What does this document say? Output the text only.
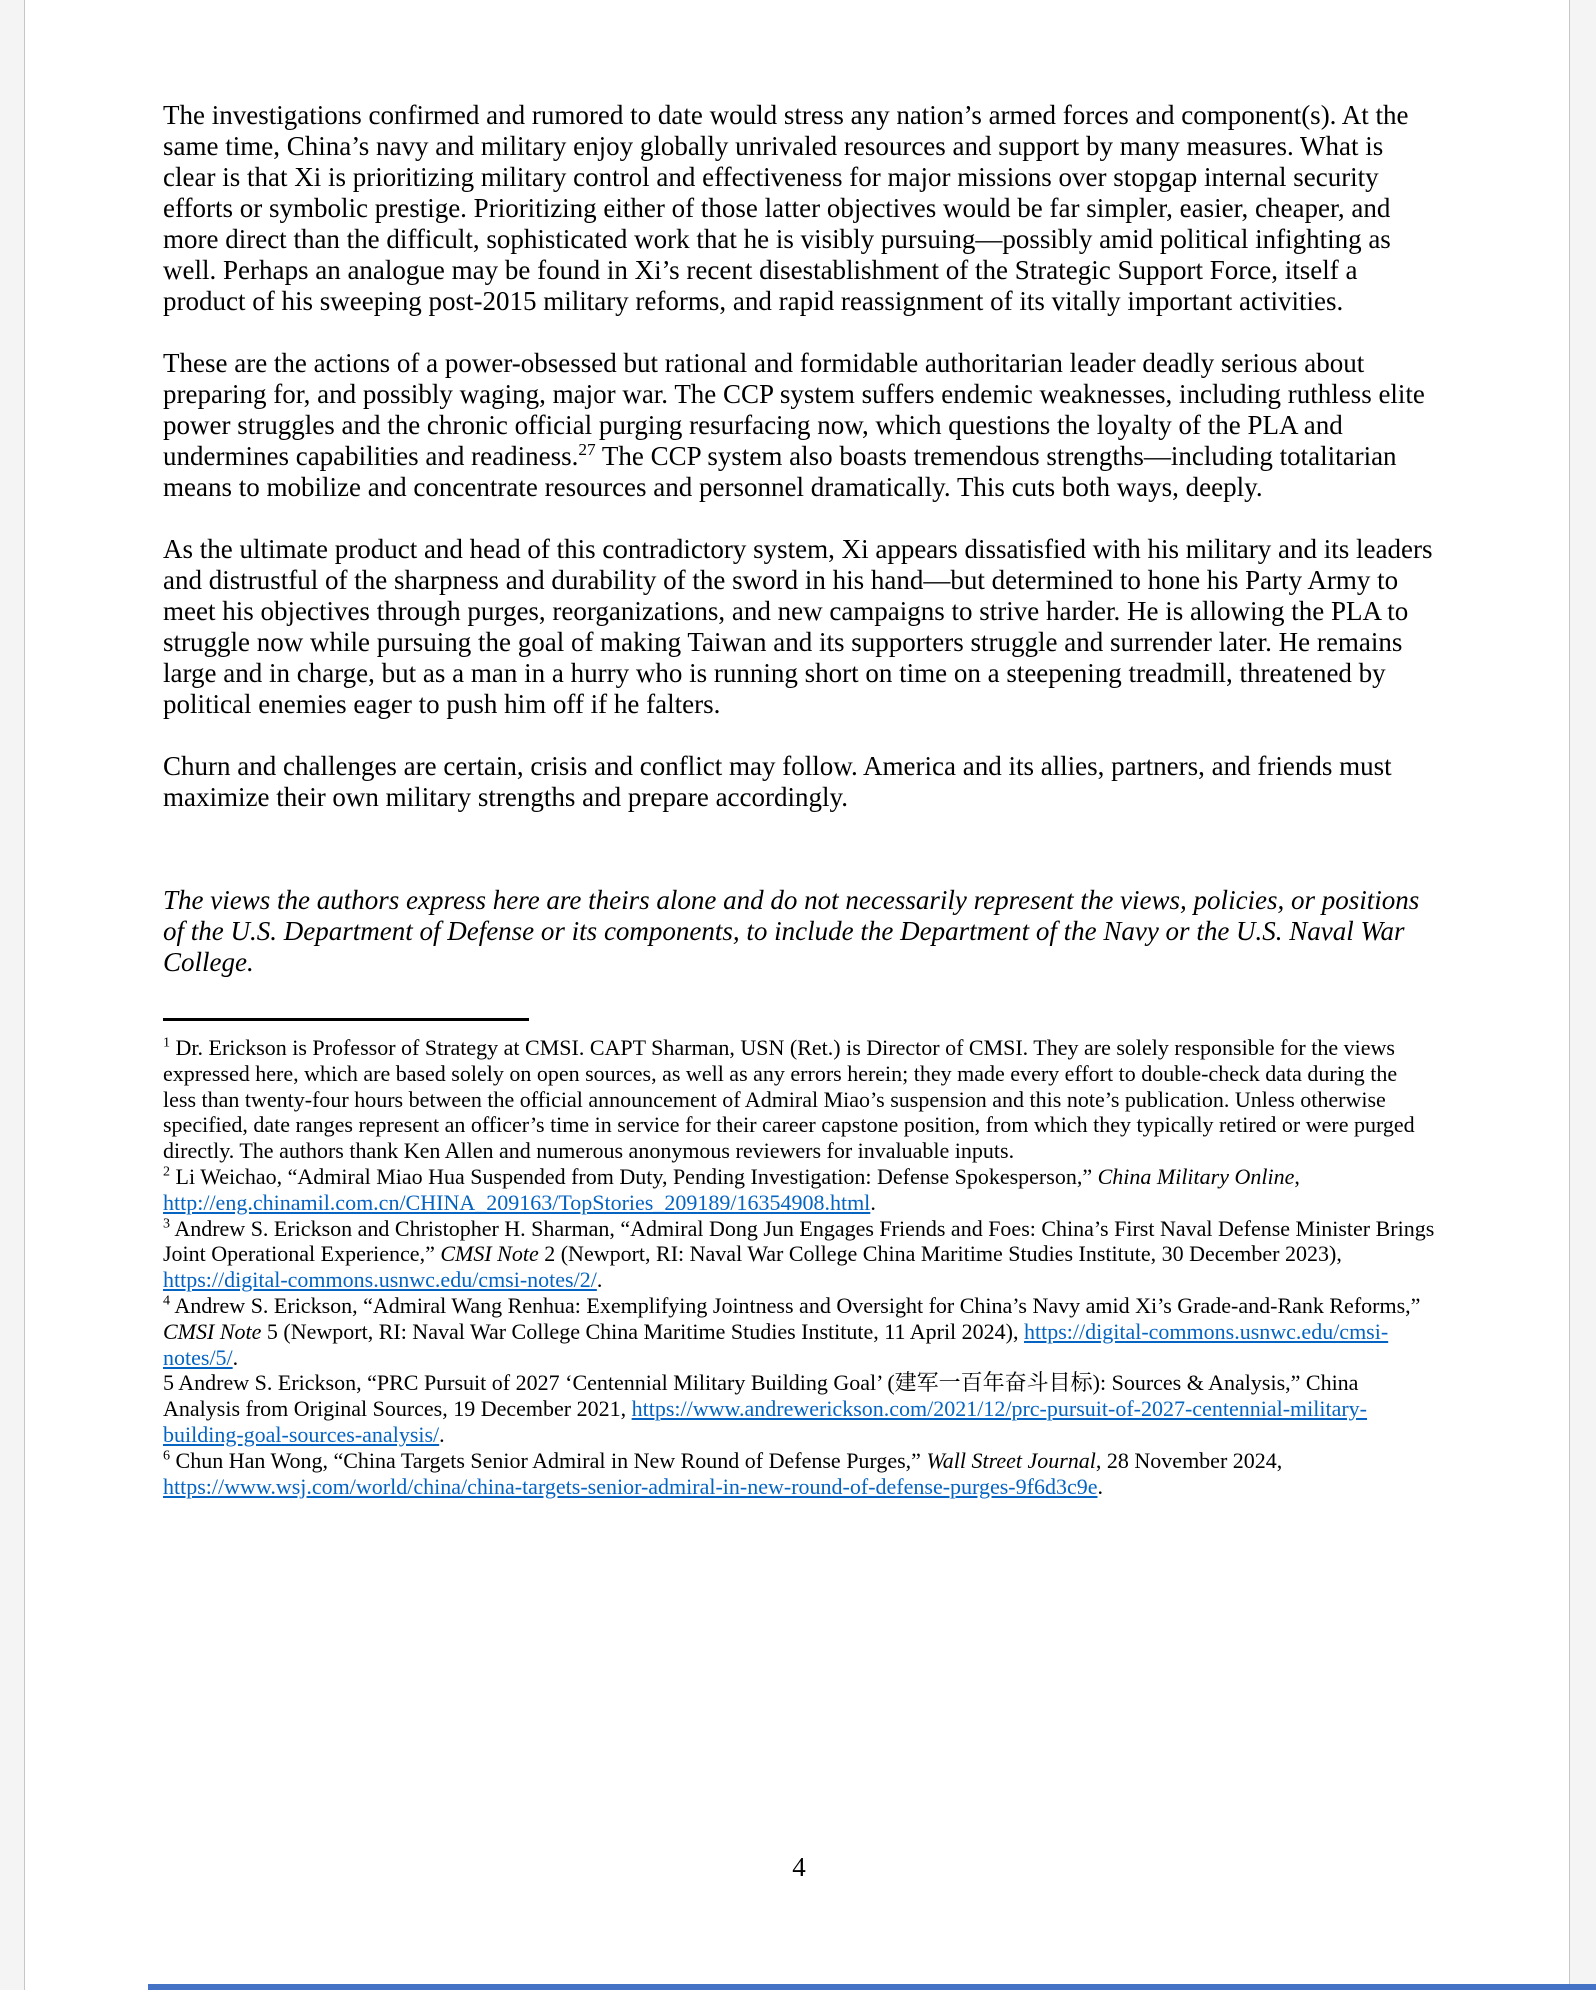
The investigations confirmed and rumored to date would stress any nation’s armed forces and component(s). At the same time, China’s navy and military enjoy globally unrivaled resources and support by many measures. What is clear is that Xi is prioritizing military control and effectiveness for major missions over stopgap internal security efforts or symbolic prestige. Prioritizing either of those latter objectives would be far simpler, easier, cheaper, and more direct than the difficult, sophisticated work that he is visibly pursuing—possibly amid political infighting as well. Perhaps an analogue may be found in Xi’s recent disestablishment of the Strategic Support Force, itself a product of his sweeping post-2015 military reforms, and rapid reassignment of its vitally important activities.

These are the actions of a power-obsessed but rational and formidable authoritarian leader deadly serious about preparing for, and possibly waging, major war. The CCP system suffers endemic weaknesses, including ruthless elite power struggles and the chronic official purging resurfacing now, which questions the loyalty of the PLA and undermines capabilities and readiness.$^{27}$ The CCP system also boasts tremendous strengths—including totalitarian means to mobilize and concentrate resources and personnel dramatically. This cuts both ways, deeply.

As the ultimate product and head of this contradictory system, Xi appears dissatisfied with his military and its leaders and distrustful of the sharpness and durability of the sword in his hand—but determined to hone his Party Army to meet his objectives through purges, reorganizations, and new campaigns to strive harder. He is allowing the PLA to struggle now while pursuing the goal of making Taiwan and its supporters struggle and surrender later. He remains large and in charge, but as a man in a hurry who is running short on time on a steepening treadmill, threatened by political enemies eager to push him off if he falters.

Churn and challenges are certain, crisis and conflict may follow. America and its allies, partners, and friends must maximize their own military strengths and prepare accordingly.

The views the authors express here are theirs alone and do not necessarily represent the views, policies, or positions of the U.S. Department of Defense or its components, to include the Department of the Navy or the U.S. Naval War College.

$^1$ Dr. Erickson is Professor of Strategy at CMSI. CAPT Sharman, USN (Ret.) is Director of CMSI. They are solely responsible for the views expressed here, which are based solely on open sources, as well as any errors herein; they made every effort to double-check data during the less than twenty-four hours between the official announcement of Admiral Miao’s suspension and this note’s publication. Unless otherwise specified, date ranges represent an officer’s time in service for their career capstone position, from which they typically retired or were purged directly. The authors thank Ken Allen and numerous anonymous reviewers for invaluable inputs.
$^2$ Li Weichao, “Admiral Miao Hua Suspended from Duty, Pending Investigation: Defense Spokesperson,” China Military Online, http://eng.chinamil.com.cn/CHINA_209163/TopStories_209189/16354908.html.
$^3$ Andrew S. Erickson and Christopher H. Sharman, “Admiral Dong Jun Engages Friends and Foes: China’s First Naval Defense Minister Brings Joint Operational Experience,” CMSI Note 2 (Newport, RI: Naval War College China Maritime Studies Institute, 30 December 2023), https://digital-commons.usnwc.edu/cmsi-notes/2/.
$^4$ Andrew S. Erickson, “Admiral Wang Renhua: Exemplifying Jointness and Oversight for China’s Navy amid Xi’s Grade-and-Rank Reforms,” CMSI Note 5 (Newport, RI: Naval War College China Maritime Studies Institute, 11 April 2024), https://digital-commons.usnwc.edu/cmsi-notes/5/.
5 Andrew S. Erickson, “PRC Pursuit of 2027 ‘Centennial Military Building Goal’ (建军一百年奋斗目标): Sources & Analysis,” China Analysis from Original Sources, 19 December 2021, https://www.andrewerickson.com/2021/12/prc-pursuit-of-2027-centennial-military-building-goal-sources-analysis/.
$^6$ Chun Han Wong, “China Targets Senior Admiral in New Round of Defense Purges,” Wall Street Journal, 28 November 2024, https://www.wsj.com/world/china/china-targets-senior-admiral-in-new-round-of-defense-purges-9f6d3c9e.
4
